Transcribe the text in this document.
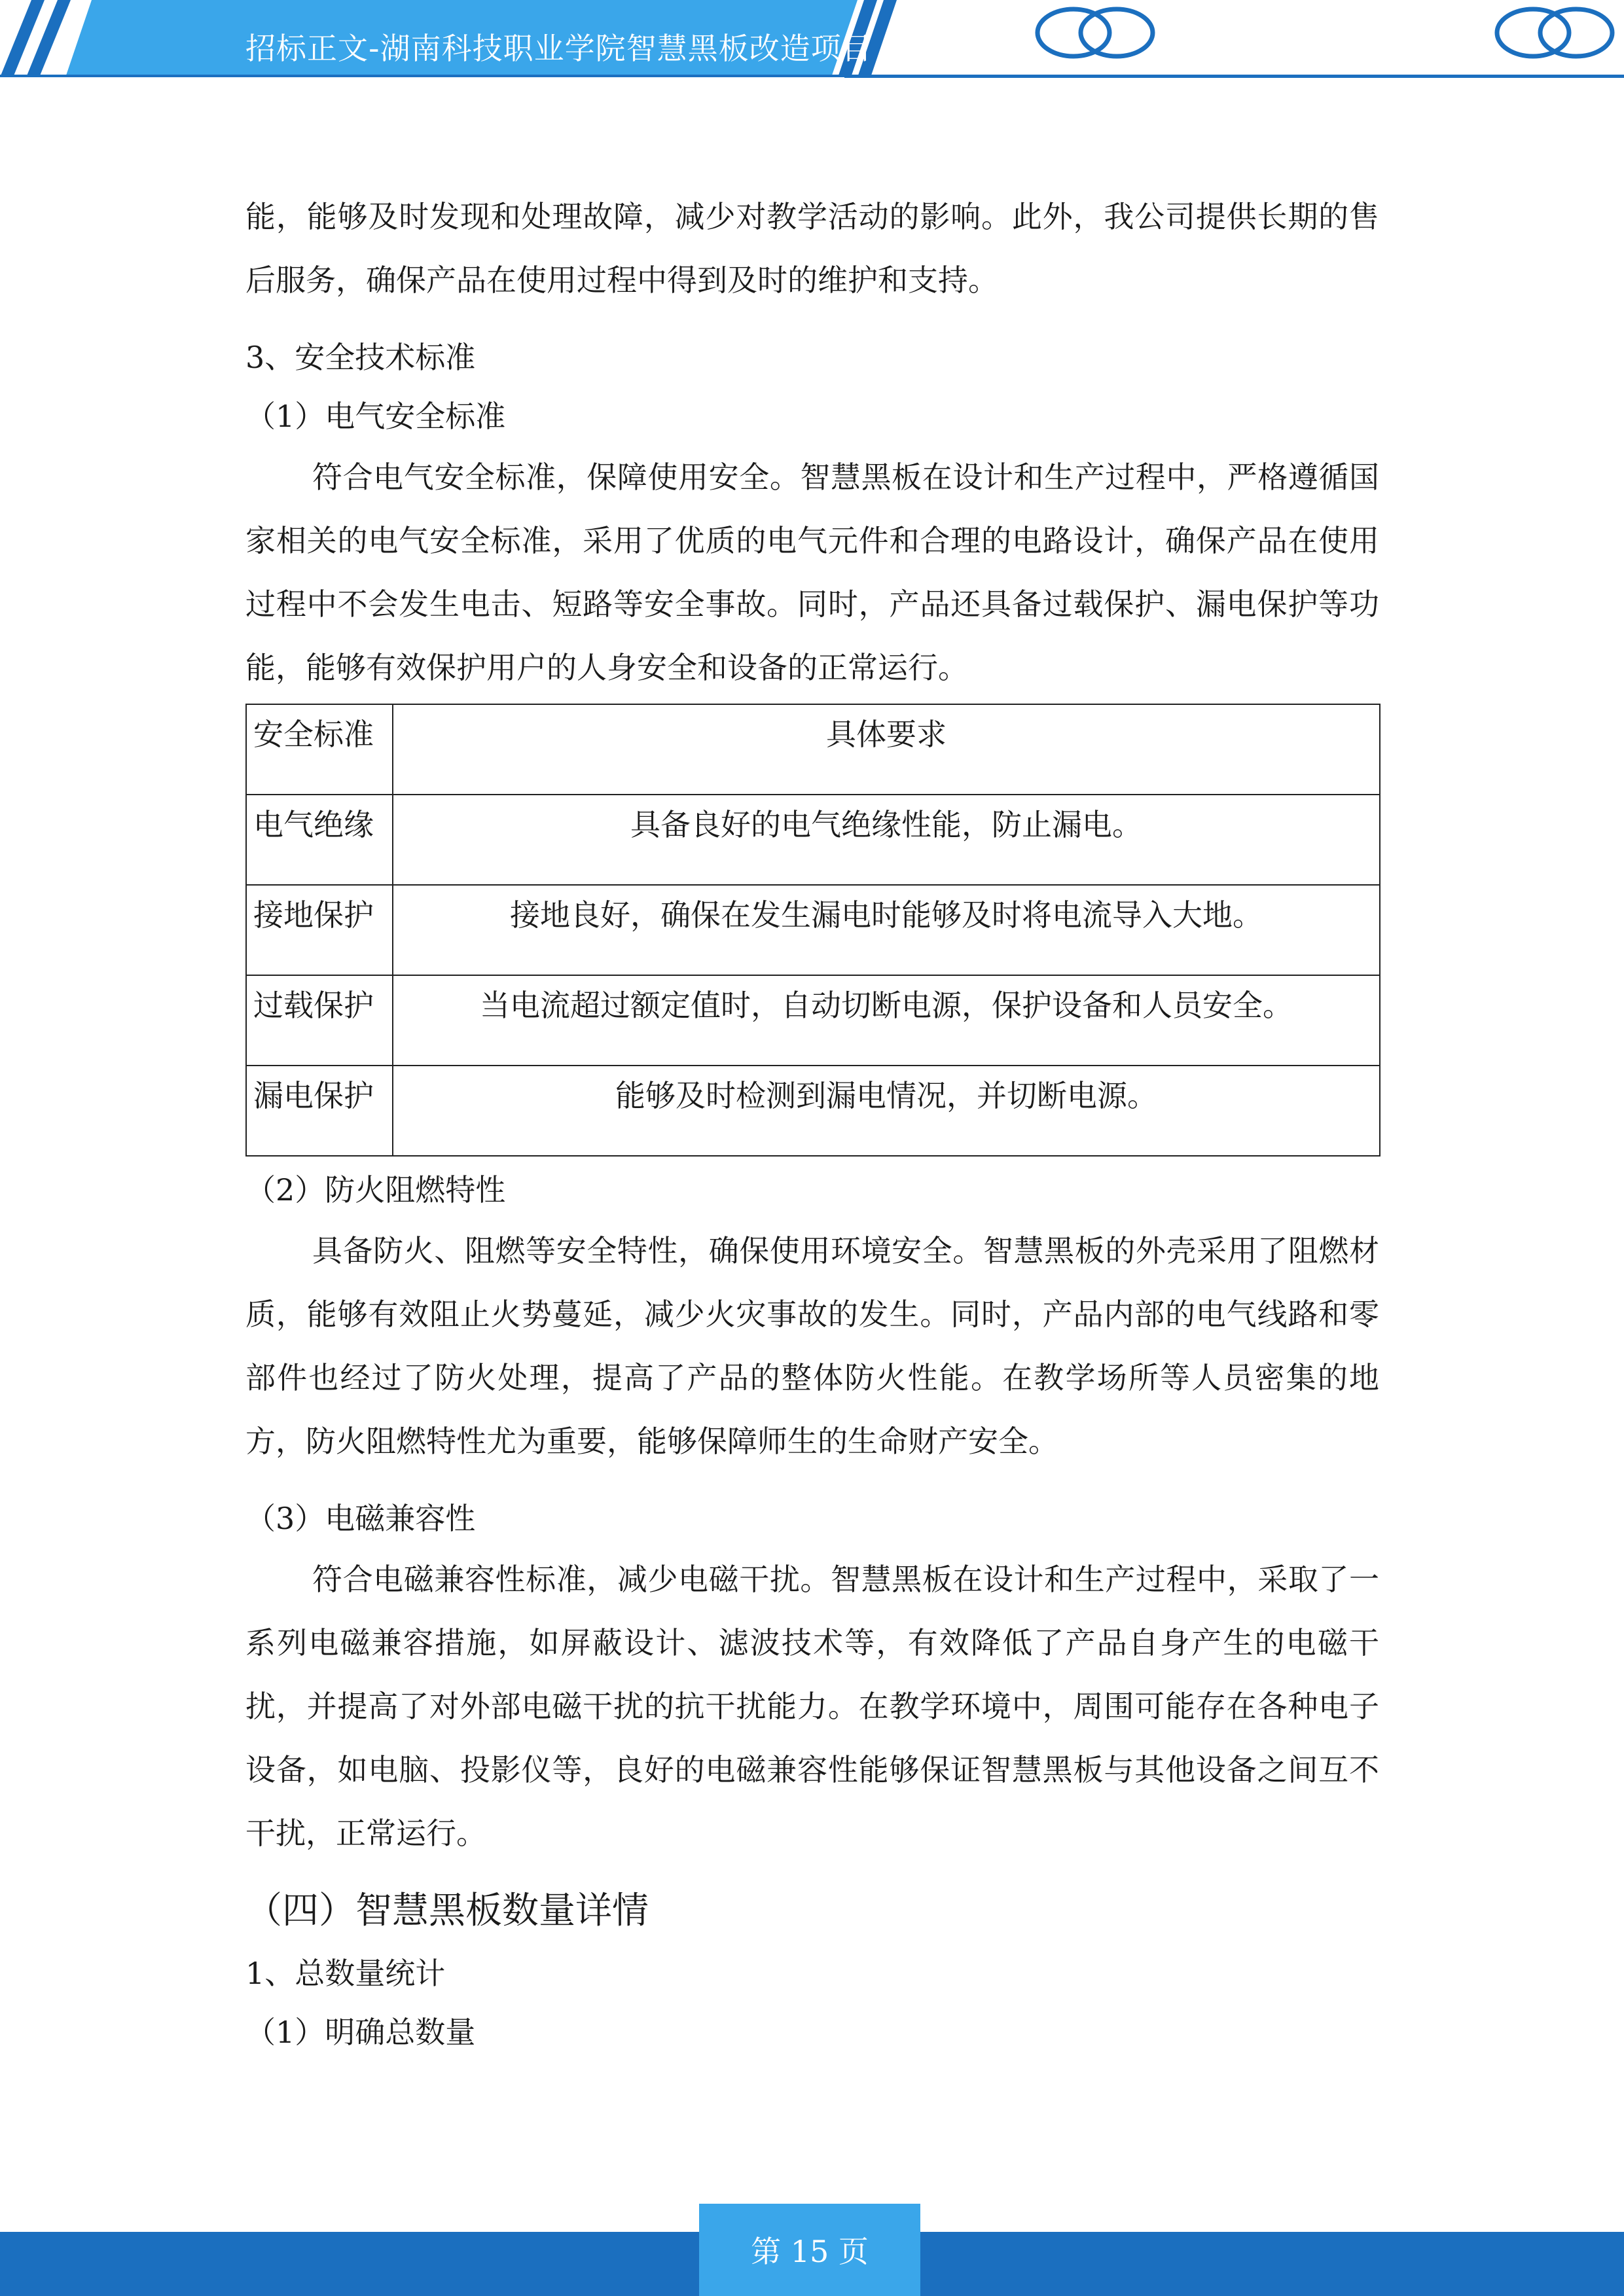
招标正文-湖南科技职业学院智慧黑板改造项目

能，能够及时发现和处理故障，减少对教学活动的影响。此外，我公司提供长期的售后服务，确保产品在使用过程中得到及时的维护和支持。

3、安全技术标准

（1）电气安全标准

符合电气安全标准，保障使用安全。智慧黑板在设计和生产过程中，严格遵循国家相关的电气安全标准，采用了优质的电气元件和合理的电路设计，确保产品在使用过程中不会发生电击、短路等安全事故。同时，产品还具备过载保护、漏电保护等功能，能够有效保护用户的人身安全和设备的正常运行。

安全标准	具体要求
电气绝缘	具备良好的电气绝缘性能，防止漏电。
接地保护	接地良好，确保在发生漏电时能够及时将电流导入大地。
过载保护	当电流超过额定值时，自动切断电源，保护设备和人员安全。
漏电保护	能够及时检测到漏电情况，并切断电源。

（2）防火阻燃特性

具备防火、阻燃等安全特性，确保使用环境安全。智慧黑板的外壳采用了阻燃材质，能够有效阻止火势蔓延，减少火灾事故的发生。同时，产品内部的电气线路和零部件也经过了防火处理，提高了产品的整体防火性能。在教学场所等人员密集的地方，防火阻燃特性尤为重要，能够保障师生的生命财产安全。

（3）电磁兼容性

符合电磁兼容性标准，减少电磁干扰。智慧黑板在设计和生产过程中，采取了一系列电磁兼容措施，如屏蔽设计、滤波技术等，有效降低了产品自身产生的电磁干扰，并提高了对外部电磁干扰的抗干扰能力。在教学环境中，周围可能存在各种电子设备，如电脑、投影仪等，良好的电磁兼容性能够保证智慧黑板与其他设备之间互不干扰，正常运行。

（四）智慧黑板数量详情

1、总数量统计

（1）明确总数量

第 15 页
